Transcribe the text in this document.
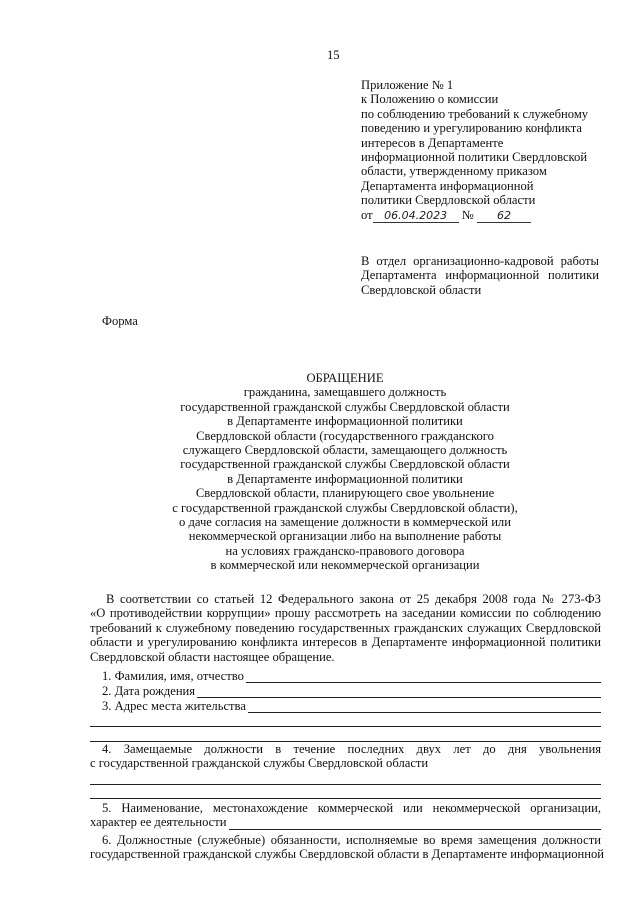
15
Приложение № 1
к Положению о комиссии
по соблюдению требований к служебному
поведению и урегулированию конфликта
интересов в Департаменте
информационной политики Свердловской
области, утвержденному приказом
Департамента информационной
политики Свердловской области
от 06.04.2023 № 62
В отдел организационно-кадровой работы
Департамента информационной политики
Свердловской области
Форма
ОБРАЩЕНИЕ
гражданина, замещавшего должность
государственной гражданской службы Свердловской области
в Департаменте информационной политики
Свердловской области (государственного гражданского
служащего Свердловской области, замещающего должность
государственной гражданской службы Свердловской области
в Департаменте информационной политики
Свердловской области, планирующего свое увольнение
с государственной гражданской службы Свердловской области),
о даче согласия на замещение должности в коммерческой или
некоммерческой организации либо на выполнение работы
на условиях гражданско-правового договора
в коммерческой или некоммерческой организации
В соответствии со статьей 12 Федерального закона от 25 декабря 2008 года № 273-ФЗ
«О противодействии коррупции» прошу рассмотреть на заседании комиссии по соблюдению
требований к служебному поведению государственных гражданских служащих Свердловской
области и урегулированию конфликта интересов в Департаменте информационной политики
Свердловской области настоящее обращение.
1. Фамилия, имя, отчество
2. Дата рождения
3. Адрес места жительства
4. Замещаемые должности в течение последних двух лет до дня увольнения
с государственной гражданской службы Свердловской области
5. Наименование, местонахождение коммерческой или некоммерческой организации,
характер ее деятельности
6. Должностные (служебные) обязанности, исполняемые во время замещения должности
государственной гражданской службы Свердловской области в Департаменте информационной
